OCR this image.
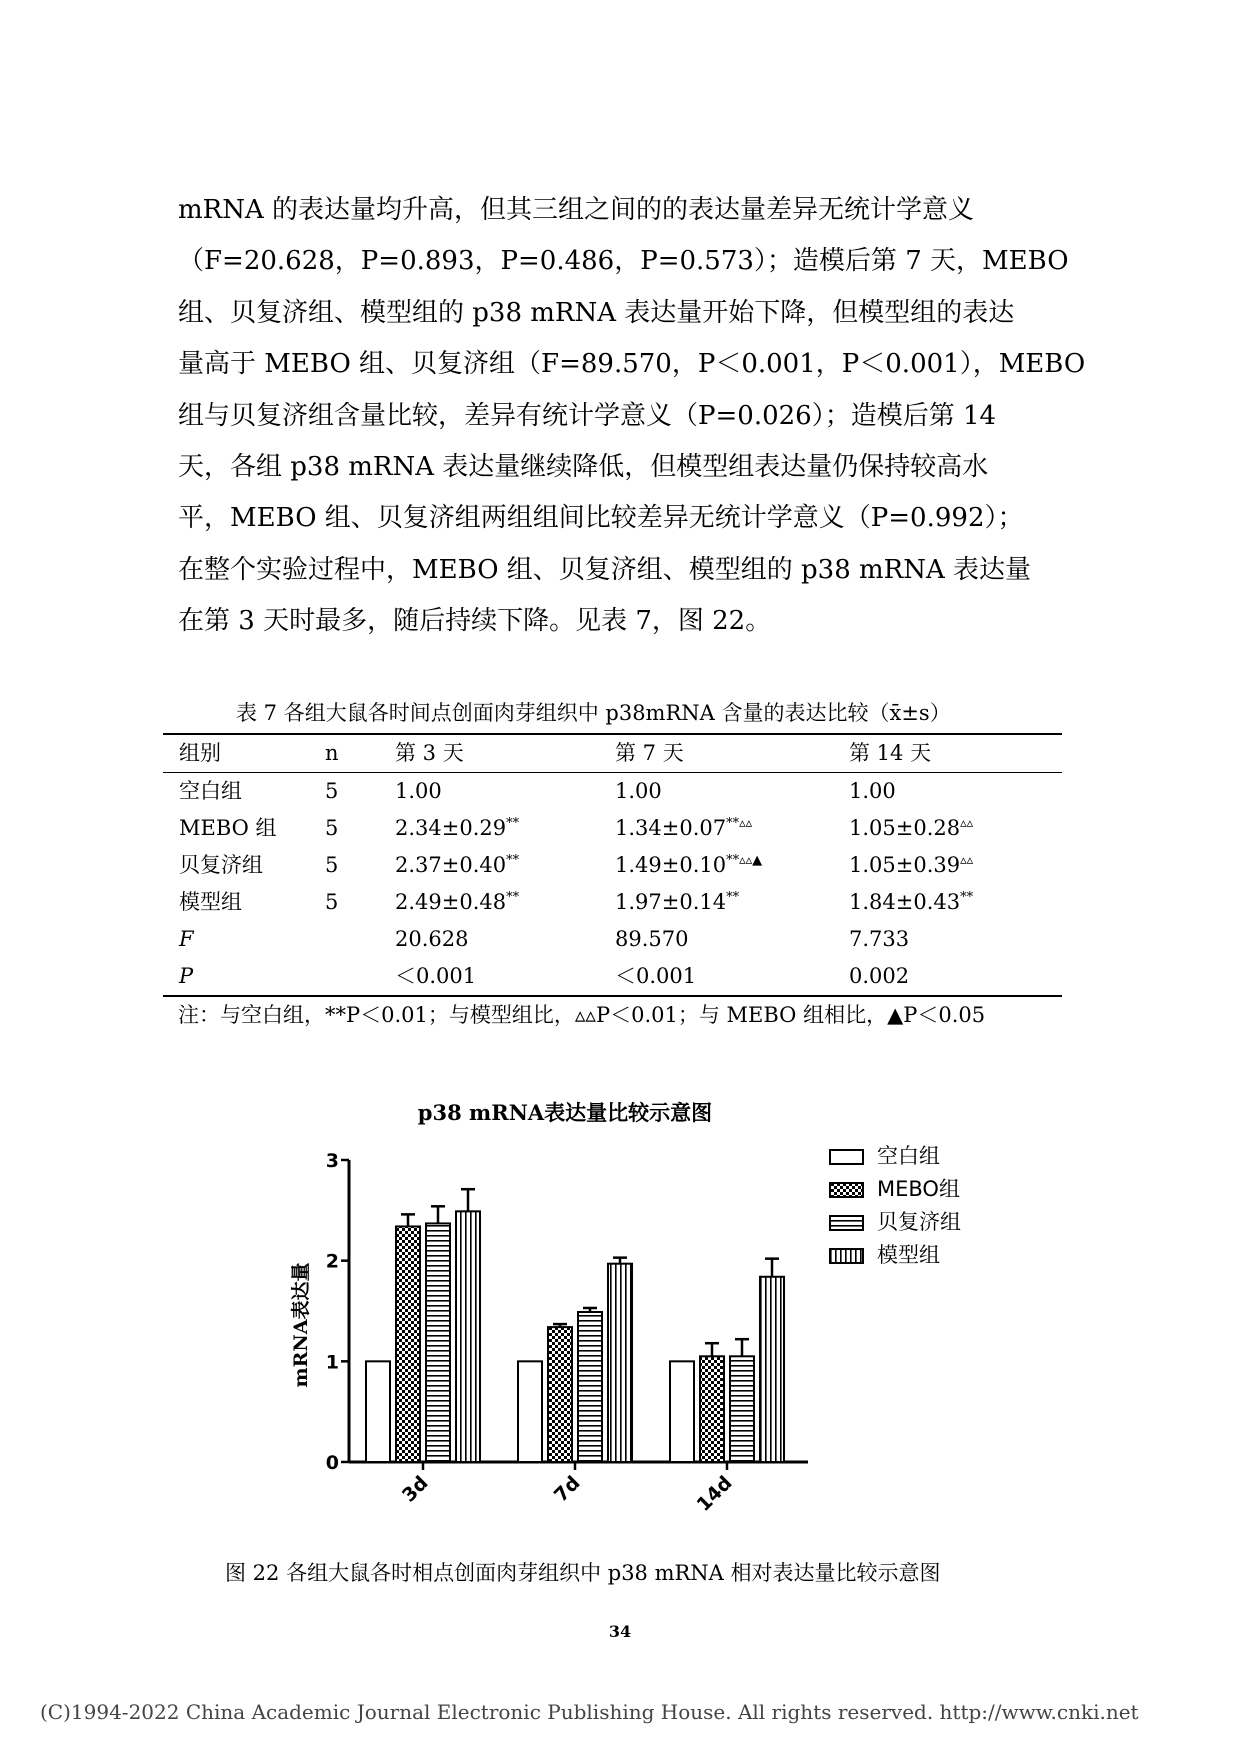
mRNA 的表达量均升高，但其三组之间的的表达量差异无统计学意义

（F=20.628，P=0.893，P=0.486，P=0.573）；造模后第 7 天，MEBO

组、贝复济组、模型组的 p38 mRNA 表达量开始下降，但模型组的表达

量高于 MEBO 组、贝复济组（F=89.570，P＜0.001，P＜0.001），MEBO

组与贝复济组含量比较，差异有统计学意义（P=0.026）；造模后第 14

天，各组 p38 mRNA 表达量继续降低，但模型组表达量仍保持较高水

平，MEBO 组、贝复济组两组组间比较差异无统计学意义（P=0.992）；

在整个实验过程中，MEBO 组、贝复济组、模型组的 p38 mRNA 表达量

在第 3 天时最多，随后持续下降。见表 7，图 22。

表 7 各组大鼠各时间点创面肉芽组织中 p38mRNA 含量的表达比较（x̄±s）
组别	n	第 3 天	第 7 天	第 14 天
空白组	5	1.00	1.00	1.00
MEBO 组	5	2.34±0.29**	1.34±0.07**▵▵	1.05±0.28▵▵
贝复济组	5	2.37±0.40**	1.49±0.10**▵▵▲	1.05±0.39▵▵
模型组	5	2.49±0.48**	1.97±0.14**	1.84±0.43**
F		20.628	89.570	7.733
P		＜0.001	＜0.001	0.002
注：与空白组，**P＜0.01；与模型组比，▵▵P＜0.01；与 MEBO 组相比，▲P＜0.05
p38 mRNA表达量比较示意图
mRNA表达量
空白组
MEBO组
贝复济组
模型组
0
1
2
3
3d	7d	14d
图 22 各组大鼠各时相点创面肉芽组织中 p38 mRNA 相对表达量比较示意图
34
(C)1994-2022 China Academic Journal Electronic Publishing House. All rights reserved. http://www.cnki.net
